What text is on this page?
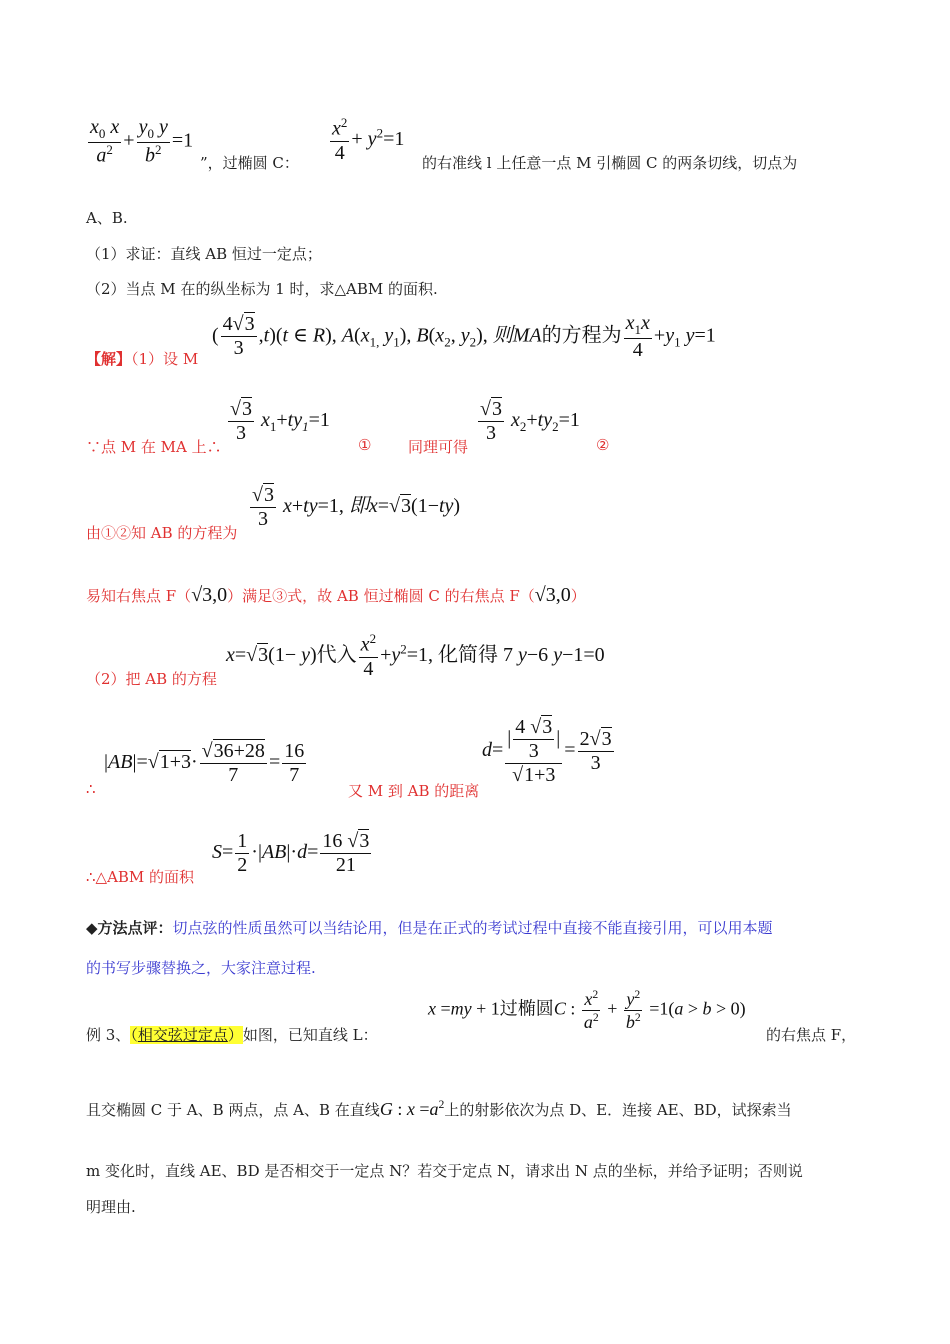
$\frac{x_0 x}{a^2} + \frac{y_0 y}{b^2} =1$
”，过椭圆 C： $\frac{x^2}{4} + y^2=1$
的右准线 l 上任意一点 M 引椭圆 C 的两条切线，切点为
A、B.
（1）求证：直线 AB 恒过一定点；
（2）当点 M 在的纵坐标为 1 时，求△ABM 的面积.
【解】（1）设 M
( $\frac{4√3}{3} ,t)(t$ ∈ R), $A(x_{1,}$ $y_1$), $B(x_2$, $y_2$), 则MA的方程为 $\frac{x_1x}{4} +y_1$ y=1
∵点 M 在 MA 上∴
$\frac{√3}{3} x_1+ty_1=1$
① 同理可得
$\frac{√3}{3} x_2+ty_2=1$
②
由①②知 AB 的方程为
$\frac{√3}{3} x+ty=1$, 即x=√3(1−ty)
易知右焦点 F（√3,0）满足③式，故 AB 恒过椭圆 C 的右焦点 F（√3,0）
（2）把 AB 的方程
x=√3(1− y)代入 $\frac{x^2}{4} +y^2=1$, 化简得 7 y−6 y−1=0
∴
$|AB|=√1+3\cdot \frac{√36+28}{7} = \frac{16}{7}$
又 M 到 AB 的距离
$d= \frac{| \frac{4 √3}{3} |}{√1+3} = \frac{2√3}{3}$
∴△ABM 的面积
$S= \frac{1}{2} \cdot|AB|\cdot d= \frac{16 √3}{21}$
◆方法点评：切点弦的性质虽然可以当结论用，但是在正式的考试过程中直接不能直接引用，可以用本题
的书写步骤替换之，大家注意过程.
例 3、（相交弦过定点）如图，已知直线 L：
x =my + 1过椭圆C : $\frac{x^2}{a^2} + \frac{y^2}{b^2} =1(a > b > 0)$
的右焦点 F，
且交椭圆 C 于 A、B 两点，点 A、B 在直线G : $x =a^2$上的射影依次为点 D、E．连接 AE、BD，试探索当
m 变化时，直线 AE、BD 是否相交于一定点 N？若交于定点 N，请求出 N 点的坐标，并给予证明；否则说
明理由.
